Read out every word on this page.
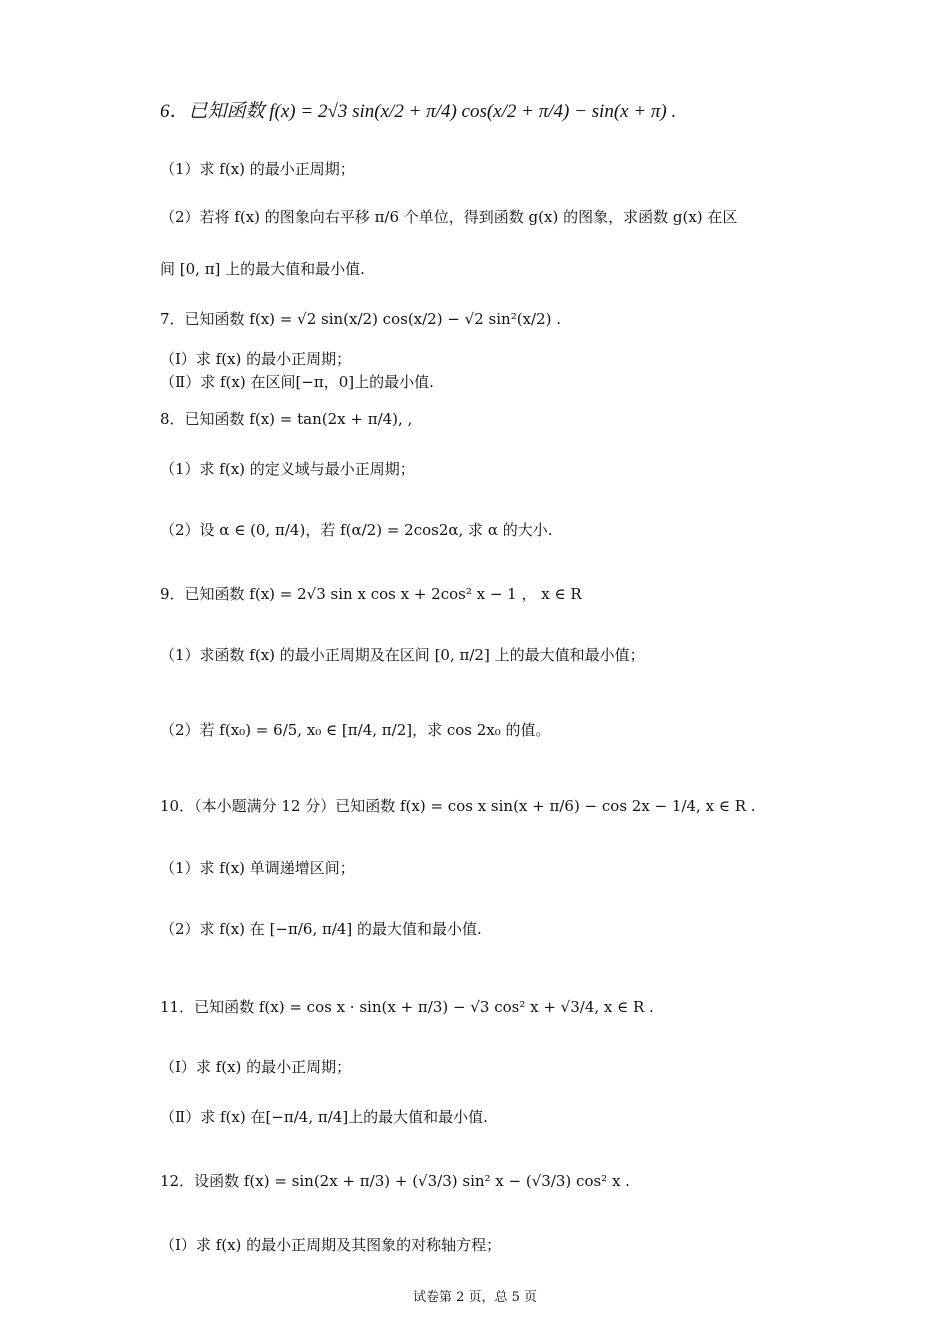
6．已知函数 f(x) = 2√3 sin(x/2 + π/4) cos(x/2 + π/4) − sin(x + π) .
（1）求 f(x) 的最小正周期；
（2）若将 f(x) 的图象向右平移 π/6 个单位，得到函数 g(x) 的图象，求函数 g(x) 在区
间 [0, π] 上的最大值和最小值.
7．已知函数 f(x) = √2 sin(x/2) cos(x/2) − √2 sin²(x/2) .
（Ⅰ）求 f(x) 的最小正周期；
（Ⅱ）求 f(x) 在区间[−π，0]上的最小值.
8．已知函数 f(x) = tan(2x + π/4), ,
（1）求 f(x) 的定义域与最小正周期；
（2）设 α ∈ (0, π/4)，若 f(α/2) = 2cos2α, 求 α 的大小.
9．已知函数 f(x) = 2√3 sin x cos x + 2cos² x − 1 ， x ∈ R
（1）求函数 f(x) 的最小正周期及在区间 [0, π/2] 上的最大值和最小值；
（2）若 f(x₀) = 6/5, x₀ ∈ [π/4, π/2]，求 cos 2x₀ 的值。
10．（本小题满分 12 分）已知函数 f(x) = cos x sin(x + π/6) − cos 2x − 1/4, x ∈ R .
（1）求 f(x) 单调递增区间；
（2）求 f(x) 在 [−π/6, π/4] 的最大值和最小值.
11．已知函数 f(x) = cos x · sin(x + π/3) − √3 cos² x + √3/4, x ∈ R .
（Ⅰ）求 f(x) 的最小正周期；
（Ⅱ）求 f(x) 在[−π/4, π/4]上的最大值和最小值.
12．设函数 f(x) = sin(2x + π/3) + (√3/3) sin² x − (√3/3) cos² x .
（I）求 f(x) 的最小正周期及其图象的对称轴方程；
试卷第 2 页，总 5 页
